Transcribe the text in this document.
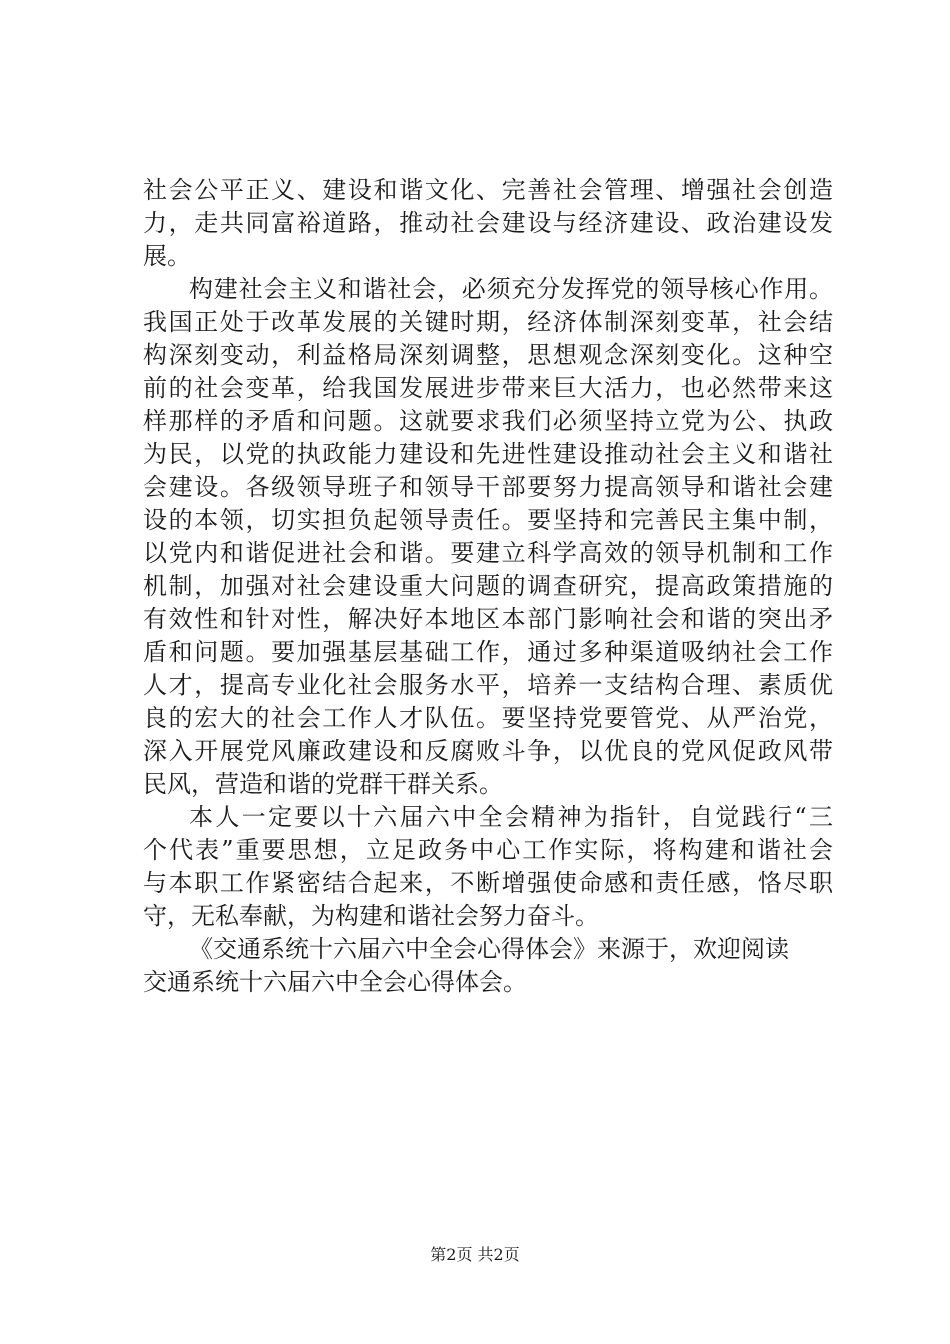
社会公平正义、建设和谐文化、完善社会管理、增强社会创造
力，走共同富裕道路，推动社会建设与经济建设、政治建设发
展。
构建社会主义和谐社会，必须充分发挥党的领导核心作用。
我国正处于改革发展的关键时期，经济体制深刻变革，社会结
构深刻变动，利益格局深刻调整，思想观念深刻变化。这种空
前的社会变革，给我国发展进步带来巨大活力，也必然带来这
样那样的矛盾和问题。这就要求我们必须坚持立党为公、执政
为民，以党的执政能力建设和先进性建设推动社会主义和谐社
会建设。各级领导班子和领导干部要努力提高领导和谐社会建
设的本领，切实担负起领导责任。要坚持和完善民主集中制，
以党内和谐促进社会和谐。要建立科学高效的领导机制和工作
机制，加强对社会建设重大问题的调查研究，提高政策措施的
有效性和针对性，解决好本地区本部门影响社会和谐的突出矛
盾和问题。要加强基层基础工作，通过多种渠道吸纳社会工作
人才，提高专业化社会服务水平，培养一支结构合理、素质优
良的宏大的社会工作人才队伍。要坚持党要管党、从严治党，
深入开展党风廉政建设和反腐败斗争，以优良的党风促政风带
民风，营造和谐的党群干群关系。
本人一定要以十六届六中全会精神为指针，自觉践行“三
个代表”重要思想，立足政务中心工作实际，将构建和谐社会
与本职工作紧密结合起来，不断增强使命感和责任感，恪尽职
守，无私奉献，为构建和谐社会努力奋斗。
《交通系统十六届六中全会心得体会》来源于，欢迎阅读
交通系统十六届六中全会心得体会。
第2页 共2页
